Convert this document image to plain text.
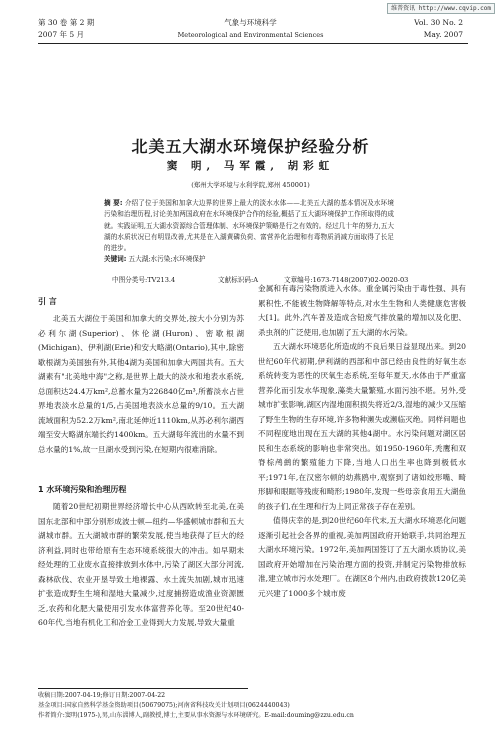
维普资讯 http://www.cqvip.com
第 30 卷 第 2 期
2007 年 5 月
气象与环境科学
Meteorological and Environmental Sciences
Vol. 30 No. 2
May. 2007
北美五大湖水环境保护经验分析
窦 明, 马军霞, 胡彩虹
(郑州大学环境与水利学院,郑州 450001)
摘 要: 介绍了位于美国和加拿大边界的世界上最大的淡水水体——北美五大湖的基本情况及水环境污染和治理历程,讨论美加两国政府在水环境保护合作的经验,概括了五大湖环境保护工作所取得的成就。实践证明,五大湖水资源综合管理体制、水环境保护策略是行之有效的。经过几十年的努力,五大湖的水质状况已有明显改善,尤其是在入湖黄磷负荷、富营养化治理和有毒物质消减方面取得了长足的进步。
关键词: 五大湖;水污染;水环境保护
中图分类号:TV213.4	文献标识码:A	文章编号:1673-7148(2007)02-0020-03
引 言

北美五大湖位于美国和加拿大的交界处,按大小分别为苏必利尔湖(Superior)、休伦湖(Huron)、密歇根湖(Michigan)、伊利湖(Erie)和安大略湖(Ontario),其中,除密歇根湖为美国独有外,其他4湖为美国和加拿大两国共有。五大湖素有"北美地中海"之称,是世界上最大的淡水和地表水系统,总面积达24.4万km²,总蓄水量为226840亿m³,所蓄淡水占世界地表淡水总量的1/5,占美国地表淡水总量的9/10。五大湖流域面积为52.2万km²,南北延伸近1110km,从苏必利尔湖西端至安大略湖东端长约1400km。五大湖每年流出的水量不到总水量的1%,故一旦湖水受到污染,在短期内很难消除。

1 水环境污染和治理历程

随着20世纪初期世界经济增长中心从西欧转至北美,在美国东北部和中部分别形成波士顿—纽约—华盛顿城市群和五大湖城市群。五大湖城市群的繁荣发展,使当地获得了巨大的经济利益,同时也带给原有生态环境系统很大的冲击。如早期未经处理的工业废水直接排放到水体中,污染了湖区大部分河流,森林砍伐、农业开垦导致土地裸露、水土流失加剧,城市迅速扩张造成野生生境和湿地大量减少,过度捕捞造成渔业资源匮乏,农药和化肥大量使用引发水体富营养化等。至20世纪40-60年代,当地有机化工和冶金工业得到大力发展,导致大量重

金属和有毒污染物质进入水体。重金属污染由于毒性强、具有累积性,不能被生物降解等特点,对水生生物和人类健康危害极大[1]。此外,汽车普及造成含铅废气排放量的增加以及化肥、杀虫剂的广泛使用,也加剧了五大湖的水污染。

五大湖水环境恶化所造成的不良后果日益显现出来。到20世纪60年代初期,伊利湖的西部和中部已经由良性的好氧生态系统转变为恶性的厌氧生态系统,至每年夏天,水体由于严重富营养化而引发水华现象,藻类大量繁殖,水面污浊不堪。另外,受城市扩张影响,湖区内湿地面积损失将近2/3,湿地的减少又压缩了野生生物的生存环境,许多物种濒失或濒临灭绝。同样问题也不同程度地出现在五大湖的其他4湖中。水污染问题对湖区居民和生态系统的影响也非常突出。如1950-1960年,秃鹰和双脊棕鸬鹚的繁殖能力下降,当地人口出生率也降到极低水平;1971年,在汉密尔顿的幼燕鸥中,观察到了诸如绞形嘴、畸形脚和眼眶等残废和畸形;1980年,发现一些母亲食用五大湖鱼的孩子们,在生理和行为上同正常孩子存在差别。

值得庆幸的是,到20世纪60年代末,五大湖水环境恶化问题逐渐引起社会各界的重视,美加两国政府开始联手,共同治理五大湖水环境污染。1972年,美加两国签订了五大湖水质协议,美国政府开始增加在污染治理方面的投资,并制定污染物排放标准,建立城市污水处理厂。在湖区8个州内,由政府拨款120亿美元兴建了1000多个城市废

收稿日期:2007-04-19;修订日期:2007-04-22
基金项目:国家自然科学基金资助项目(50679075);河南省科技攻关计划项目(0624440043)
作者简介:窦明(1975-),男,山东淄博人,副教授,博士,主要从事水资源与水环境研究。E-mail:douming@zzu.edu.cn
